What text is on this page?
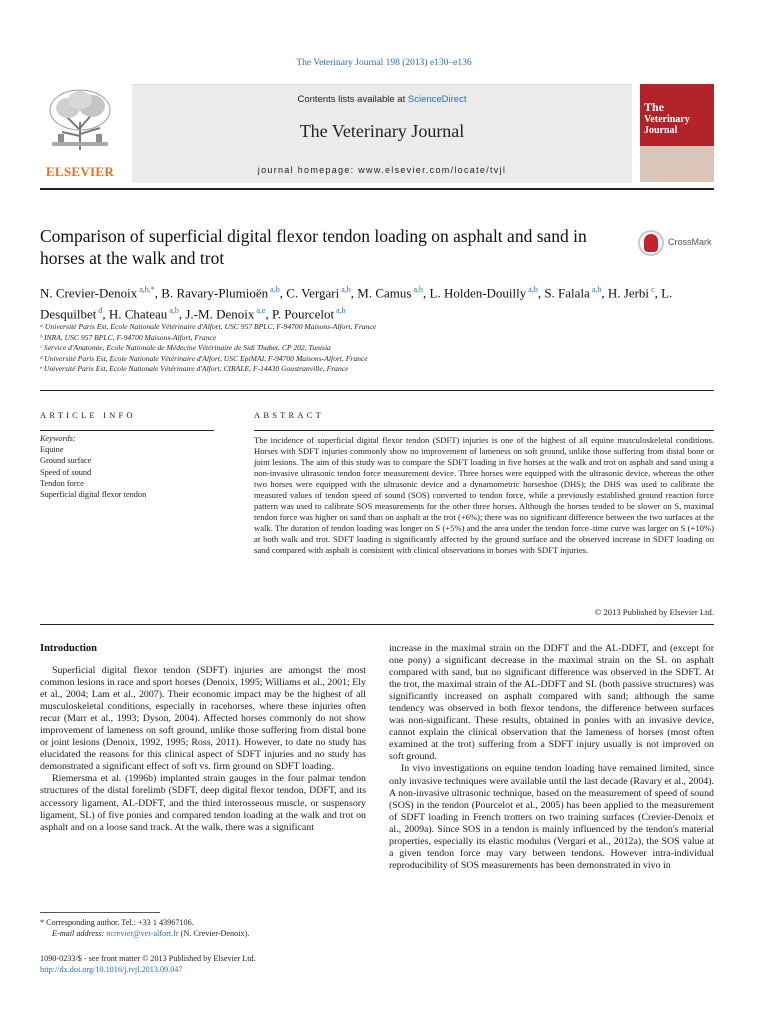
The Veterinary Journal 198 (2013) e130–e136
ELSEVIER
Contents lists available at ScienceDirect
The Veterinary Journal
journal homepage: www.elsevier.com/locate/tvjl
The
Veterinary Journal
Comparison of superficial digital flexor tendon loading on asphalt and sand in horses at the walk and trot
CrossMark
N. Crevier-Denoix $^{a,b,*}$, B. Ravary-Plumioën $^{a,b}$, C. Vergari $^{a,b}$, M. Camus $^{a,b}$, L. Holden-Douilly $^{a,b}$, S. Falala $^{a,b}$, H. Jerbi $^c$, L. Desquilbet $^d$, H. Chateau $^{a,b}$, J.-M. Denoix $^{a,e}$, P. Pourcelot $^{a,b}$
ᵃ Université Paris Est, Ecole Nationale Vétérinaire d'Alfort, USC 957 BPLC, F-94700 Maisons-Alfort, France
ᵇ INRA, USC 957 BPLC, F-94700 Maisons-Alfort, France
ᶜ Service d'Anatomie, Ecole Nationale de Médecine Vétérinaire de Sidi Thabet, CP 202, Tunisia
ᵈ Université Paris Est, Ecole Nationale Vétérinaire d'Alfort, USC EpiMAI, F-94700 Maisons-Alfort, France
ᵉ Université Paris Est, Ecole Nationale Vétérinaire d'Alfort, CIRALE, F-14430 Goustranville, France
ARTICLE INFO	ABSTRACT
Keywords:
Equine
Ground surface
Speed of sound
Tendon force
Superficial digital flexor tendon
The incidence of superficial digital flexor tendon (SDFT) injuries is one of the highest of all equine musculoskeletal conditions. Horses with SDFT injuries commonly show no improvement of lameness on soft ground, unlike those suffering from distal bone or joint lesions. The aim of this study was to compare the SDFT loading in five horses at the walk and trot on asphalt and sand using a non-invasive ultrasonic tendon force measurement device. Three horses were equipped with the ultrasonic device, whereas the other two horses were equipped with the ultrasonic device and a dynamometric horseshoe (DHS); the DHS was used to calibrate the measured values of tendon speed of sound (SOS) converted to tendon force, while a previously established ground reaction force pattern was used to calibrate SOS measurements for the other three horses. Although the horses tended to be slower on S, maximal tendon force was higher on sand than on asphalt at the trot (+6%); there was no significant difference between the two surfaces at the walk. The duration of tendon loading was longer on S (+5%) and the area under the tendon force–time curve was larger on S (+10%) at both walk and trot. SDFT loading is significantly affected by the ground surface and the observed increase in SDFT loading on sand compared with asphalt is consistent with clinical observations in horses with SDFT injuries.
© 2013 Published by Elsevier Ltd.
Introduction

Superficial digital flexor tendon (SDFT) injuries are amongst the most common lesions in race and sport horses (Denoix, 1995; Williams et al., 2001; Ely et al., 2004; Lam et al., 2007). Their economic impact may be the highest of all musculoskeletal conditions, especially in racehorses, where these injuries often recur (Marr et al., 1993; Dyson, 2004). Affected horses commonly do not show improvement of lameness on soft ground, unlike those suffering from distal bone or joint lesions (Denoix, 1992, 1995; Ross, 2011). However, to date no study has elucidated the reasons for this clinical aspect of SDFT injuries and no study has demonstrated a significant effect of soft vs. firm ground on SDFT loading.

Riemersma et al. (1996b) implanted strain gauges in the four palmar tendon structures of the distal forelimb (SDFT, deep digital flexor tendon, DDFT, and its accessory ligament, AL-DDFT, and the third interosseous muscle, or suspensory ligament, SL) of five ponies and compared tendon loading at the walk and trot on asphalt and on a loose sand track. At the walk, there was a significant

increase in the maximal strain on the DDFT and the AL-DDFT, and (except for one pony) a significant decrease in the maximal strain on the SL on asphalt compared with sand, but no significant difference was observed in the SDFT. At the trot, the maximal strain of the AL-DDFT and SL (both passive structures) was significantly increased on asphalt compared with sand; although the same tendency was observed in both flexor tendons, the difference between surfaces was non-significant. These results, obtained in ponies with an invasive device, cannot explain the clinical observation that the lameness of horses (most often examined at the trot) suffering from a SDFT injury usually is not improved on soft ground.

In vivo investigations on equine tendon loading have remained limited, since only invasive techniques were available until the last decade (Ravary et al., 2004). A non-invasive ultrasonic technique, based on the measurement of speed of sound (SOS) in the tendon (Pourcelot et al., 2005) has been applied to the measurement of SDFT loading in French trotters on two training surfaces (Crevier-Denoix et al., 2009a). Since SOS in a tendon is mainly influenced by the tendon's material properties, especially its elastic modulus (Vergari et al., 2012a), the SOS value at a given tendon force may vary between tendons. However intra-individual reproducibility of SOS measurements has been demonstrated in vivo in

* Corresponding author. Tel.: +33 1 43967106.
E-mail address: ncrevier@vet-alfort.fr (N. Crevier-Denoix).
1090-0233/$ - see front matter © 2013 Published by Elsevier Ltd.
http://dx.doi.org/10.1016/j.tvjl.2013.09.047
